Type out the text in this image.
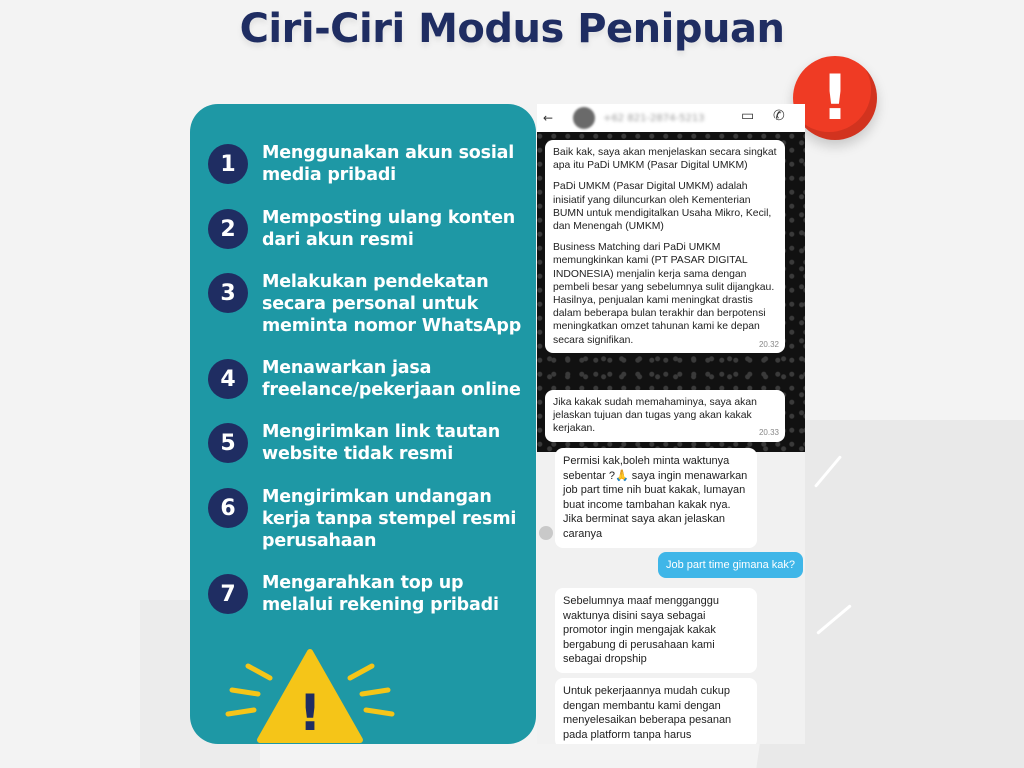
Ciri-Ciri Modus Penipuan
!
1	Menggunakan akun sosial media pribadi
2	Memposting ulang konten dari akun resmi
3	Melakukan pendekatan secara personal untuk meminta nomor WhatsApp
4	Menawarkan jasa freelance/pekerjaan online
5	Mengirimkan link tautan website tidak resmi
6	Mengirimkan undangan kerja tanpa stempel resmi perusahaan
7	Mengarahkan top up melalui rekening pribadi
!
←	+62 821-2874-5213	▭ ✆

Baik kak, saya akan menjelaskan secara singkat apa itu PaDi UMKM (Pasar Digital UMKM)

PaDi UMKM (Pasar Digital UMKM) adalah inisiatif yang diluncurkan oleh Kementerian BUMN untuk mendigitalkan Usaha Mikro, Kecil, dan Menengah (UMKM)

Business Matching dari PaDi UMKM memungkinkan kami (PT PASAR DIGITAL INDONESIA) menjalin kerja sama dengan pembeli besar yang sebelumnya sulit dijangkau. Hasilnya, penjualan kami meningkat drastis dalam beberapa bulan terakhir dan berpotensi meningkatkan omzet tahunan kami ke depan secara signifikan.	20.32

Jika kakak sudah memahaminya, saya akan jelaskan tujuan dan tugas yang akan kakak kerjakan.	20.33
Permisi kak,boleh minta waktunya sebentar ?🙏 saya ingin menawarkan job part time nih buat kakak, lumayan buat income tambahan kakak nya. Jika berminat saya akan jelaskan caranya
Job part time gimana kak?
Sebelumnya maaf mengganggu waktunya disini saya sebagai promotor ingin mengajak kakak bergabung di perusahaan kami sebagai dropship
Untuk pekerjaannya mudah cukup dengan membantu kami dengan menyelesaikan beberapa pesanan pada platform tanpa harus
